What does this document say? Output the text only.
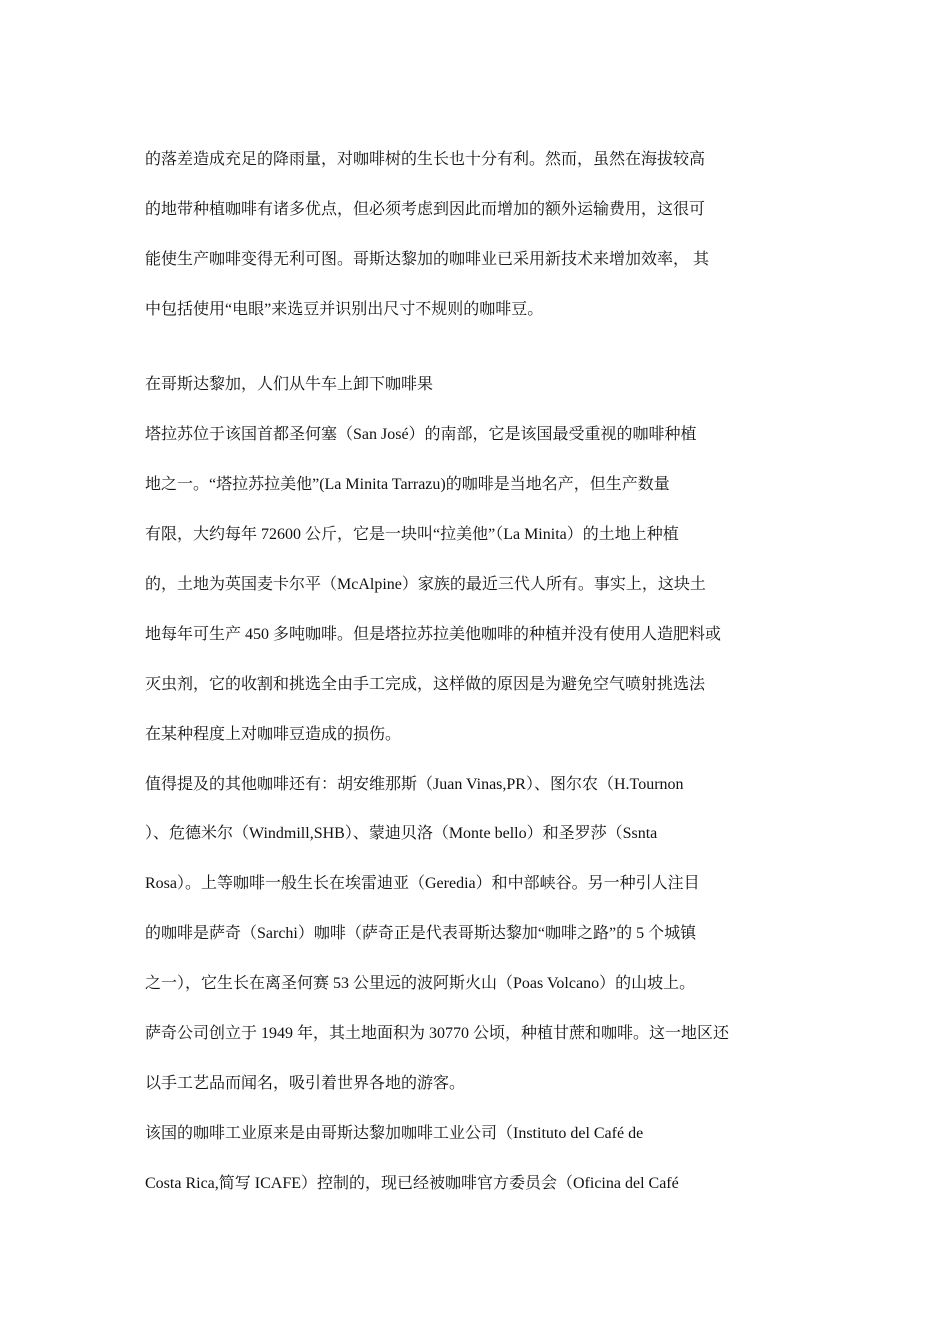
的落差造成充足的降雨量，对咖啡树的生长也十分有利。然而，虽然在海拔较高
的地带种植咖啡有诸多优点，但必须考虑到因此而增加的额外运输费用，这很可
能使生产咖啡变得无利可图。哥斯达黎加的咖啡业已采用新技术来增加效率， 其
中包括使用“电眼”来选豆并识别出尺寸不规则的咖啡豆。
在哥斯达黎加，人们从牛车上卸下咖啡果
塔拉苏位于该国首都圣何塞（San José）的南部，它是该国最受重视的咖啡种植
地之一。“塔拉苏拉美他”(La Minita Tarrazu)的咖啡是当地名产，但生产数量
有限，大约每年 72600 公斤，它是一块叫“拉美他”（La Minita）的土地上种植
的，土地为英国麦卡尔平（McAlpine）家族的最近三代人所有。事实上，这块土
地每年可生产 450 多吨咖啡。但是塔拉苏拉美他咖啡的种植并没有使用人造肥料或
灭虫剂，它的收割和挑选全由手工完成，这样做的原因是为避免空气喷射挑选法
在某种程度上对咖啡豆造成的损伤。
值得提及的其他咖啡还有：胡安维那斯（Juan Vinas,PR）、图尔农（H.Tournon
）、危德米尔（Windmill,SHB）、蒙迪贝洛（Monte bello）和圣罗莎（Ssnta
Rosa）。上等咖啡一般生长在埃雷迪亚（Geredia）和中部峡谷。另一种引人注目
的咖啡是萨奇（Sarchi）咖啡（萨奇正是代表哥斯达黎加“咖啡之路”的 5 个城镇
之一），它生长在离圣何赛 53 公里远的波阿斯火山（Poas Volcano）的山坡上。
萨奇公司创立于 1949 年，其土地面积为 30770 公顷，种植甘蔗和咖啡。这一地区还
以手工艺品而闻名，吸引着世界各地的游客。
该国的咖啡工业原来是由哥斯达黎加咖啡工业公司（Instituto del Café de
Costa Rica,简写 ICAFE）控制的，现已经被咖啡官方委员会（Oficina del Café
